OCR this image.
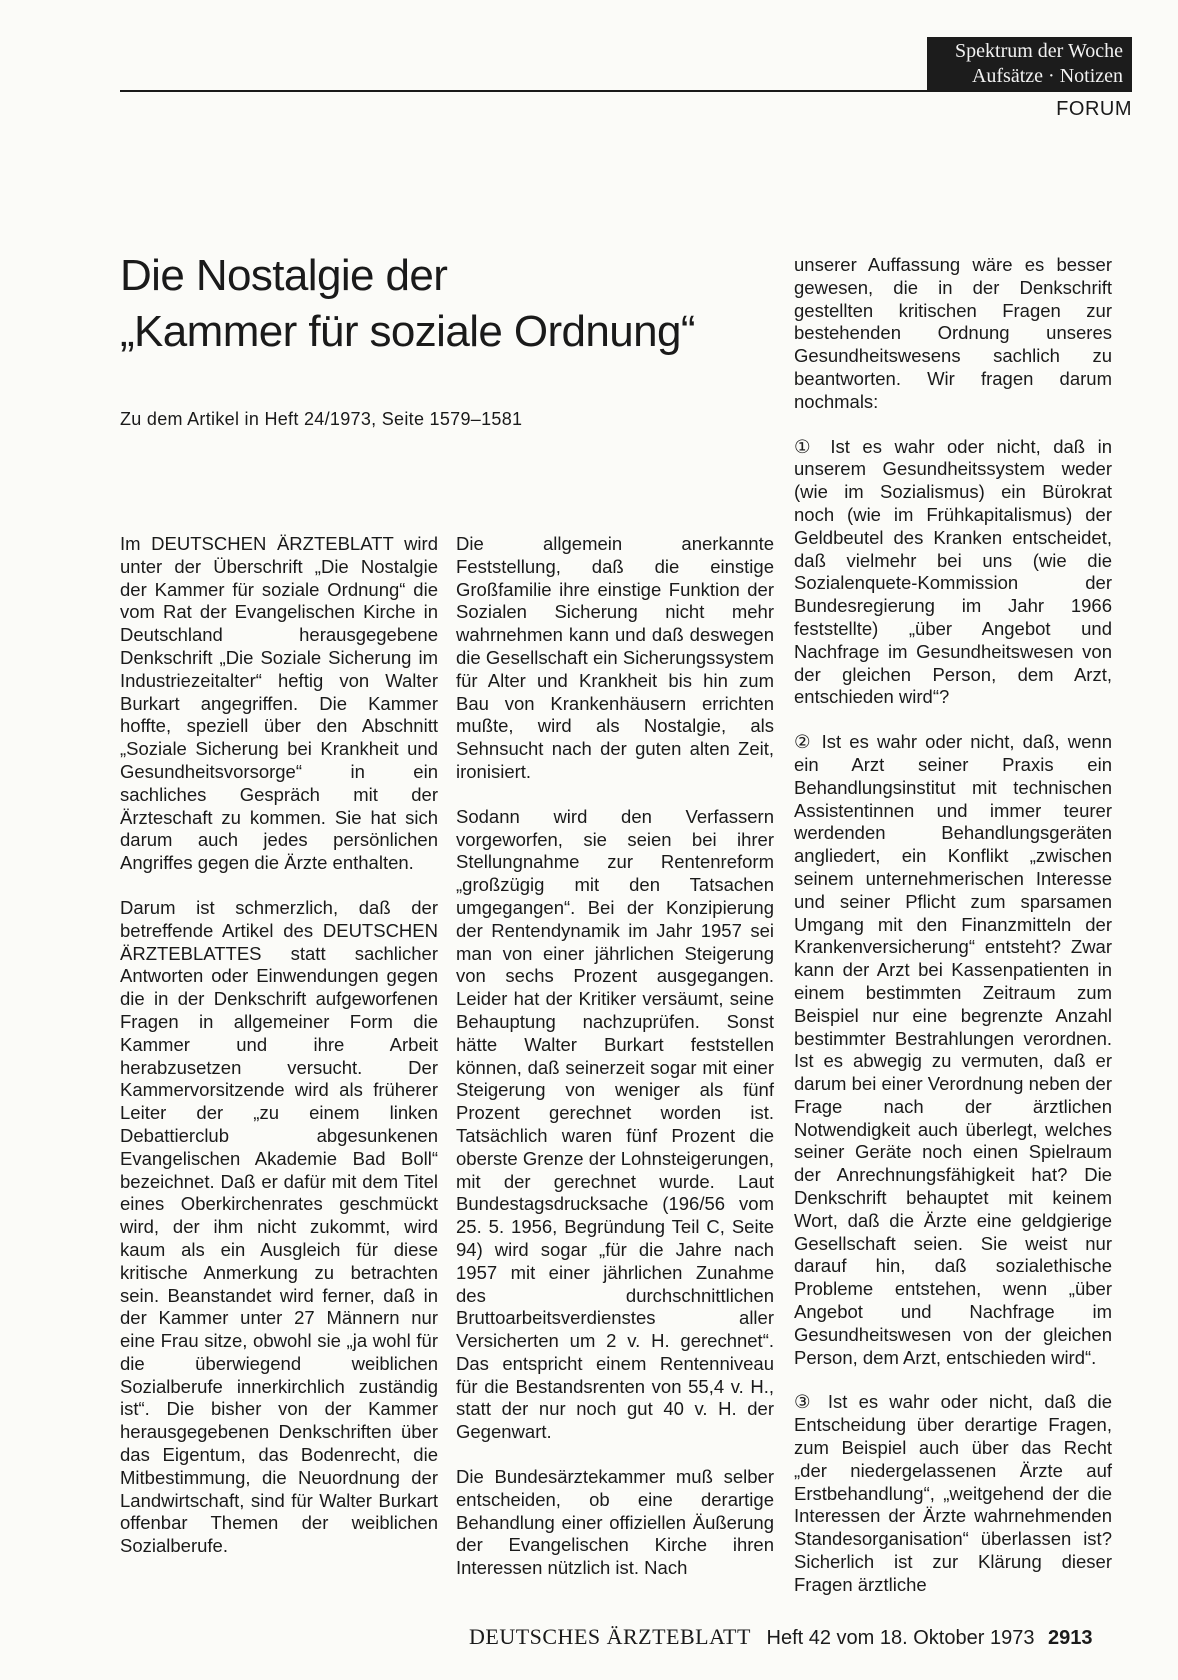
Spektrum der Woche
Aufsätze · Notizen
FORUM
Die Nostalgie der
„Kammer für soziale Ordnung“
Zu dem Artikel in Heft 24/1973, Seite 1579–1581

Im DEUTSCHEN ÄRZTEBLATT wird unter der Überschrift „Die Nostalgie der Kammer für soziale Ordnung“ die vom Rat der Evangelischen Kirche in Deutschland herausgegebene Denkschrift „Die Soziale Sicherung im Industriezeitalter“ heftig von Walter Burkart angegriffen. Die Kammer hoffte, speziell über den Abschnitt „Soziale Sicherung bei Krankheit und Gesundheitsvorsorge“ in ein sachliches Gespräch mit der Ärzteschaft zu kommen. Sie hat sich darum auch jedes persönlichen Angriffes gegen die Ärzte enthalten.

Darum ist schmerzlich, daß der betreffende Artikel des DEUTSCHEN ÄRZTEBLATTES statt sachlicher Antworten oder Einwendungen gegen die in der Denkschrift aufgeworfenen Fragen in allgemeiner Form die Kammer und ihre Arbeit herabzusetzen versucht. Der Kammervorsitzende wird als früherer Leiter der „zu einem linken Debattierclub abgesunkenen Evangelischen Akademie Bad Boll“ bezeichnet. Daß er dafür mit dem Titel eines Oberkirchenrates geschmückt wird, der ihm nicht zukommt, wird kaum als ein Ausgleich für diese kritische Anmerkung zu betrachten sein. Beanstandet wird ferner, daß in der Kammer unter 27 Männern nur eine Frau sitze, obwohl sie „ja wohl für die überwiegend weiblichen Sozialberufe innerkirchlich zuständig ist“. Die bisher von der Kammer herausgegebenen Denkschriften über das Eigentum, das Bodenrecht, die Mitbestimmung, die Neuordnung der Landwirtschaft, sind für Walter Burkart offenbar Themen der weiblichen Sozialberufe.

Die allgemein anerkannte Feststellung, daß die einstige Großfamilie ihre einstige Funktion der Sozialen Sicherung nicht mehr wahrnehmen kann und daß deswegen die Gesellschaft ein Sicherungssystem für Alter und Krankheit bis hin zum Bau von Krankenhäusern errichten mußte, wird als Nostalgie, als Sehnsucht nach der guten alten Zeit, ironisiert.

Sodann wird den Verfassern vorgeworfen, sie seien bei ihrer Stellungnahme zur Rentenreform „großzügig mit den Tatsachen umgegangen“. Bei der Konzipierung der Rentendynamik im Jahr 1957 sei man von einer jährlichen Steigerung von sechs Prozent ausgegangen. Leider hat der Kritiker versäumt, seine Behauptung nachzuprüfen. Sonst hätte Walter Burkart feststellen können, daß seinerzeit sogar mit einer Steigerung von weniger als fünf Prozent gerechnet worden ist. Tatsächlich waren fünf Prozent die oberste Grenze der Lohnsteigerungen, mit der gerechnet wurde. Laut Bundestagsdrucksache (196/56 vom 25. 5. 1956, Begründung Teil C, Seite 94) wird sogar „für die Jahre nach 1957 mit einer jährlichen Zunahme des durchschnittlichen Bruttoarbeitsverdienstes aller Versicherten um 2 v. H. gerechnet“. Das entspricht einem Rentenniveau für die Bestandsrenten von 55,4 v. H., statt der nur noch gut 40 v. H. der Gegenwart.

Die Bundesärztekammer muß selber entscheiden, ob eine derartige Behandlung einer offiziellen Äußerung der Evangelischen Kirche ihren Interessen nützlich ist. Nach

unserer Auffassung wäre es besser gewesen, die in der Denkschrift gestellten kritischen Fragen zur bestehenden Ordnung unseres Gesundheitswesens sachlich zu beantworten. Wir fragen darum nochmals:

① Ist es wahr oder nicht, daß in unserem Gesundheitssystem weder (wie im Sozialismus) ein Bürokrat noch (wie im Frühkapitalismus) der Geldbeutel des Kranken entscheidet, daß vielmehr bei uns (wie die Sozialenquete-Kommission der Bundesregierung im Jahr 1966 feststellte) „über Angebot und Nachfrage im Gesundheitswesen von der gleichen Person, dem Arzt, entschieden wird“?

② Ist es wahr oder nicht, daß, wenn ein Arzt seiner Praxis ein Behandlungsinstitut mit technischen Assistentinnen und immer teurer werdenden Behandlungsgeräten angliedert, ein Konflikt „zwischen seinem unternehmerischen Interesse und seiner Pflicht zum sparsamen Umgang mit den Finanzmitteln der Krankenversicherung“ entsteht? Zwar kann der Arzt bei Kassenpatienten in einem bestimmten Zeitraum zum Beispiel nur eine begrenzte Anzahl bestimmter Bestrahlungen verordnen. Ist es abwegig zu vermuten, daß er darum bei einer Verordnung neben der Frage nach der ärztlichen Notwendigkeit auch überlegt, welches seiner Geräte noch einen Spielraum der Anrechnungsfähigkeit hat? Die Denkschrift behauptet mit keinem Wort, daß die Ärzte eine geldgierige Gesellschaft seien. Sie weist nur darauf hin, daß sozialethische Probleme entstehen, wenn „über Angebot und Nachfrage im Gesundheitswesen von der gleichen Person, dem Arzt, entschieden wird“.

③ Ist es wahr oder nicht, daß die Entscheidung über derartige Fragen, zum Beispiel auch über das Recht „der niedergelassenen Ärzte auf Erstbehandlung“, „weitgehend der die Interessen der Ärzte wahrnehmenden Standesorganisation“ überlassen ist? Sicherlich ist zur Klärung dieser Fragen ärztliche

DEUTSCHES ÄRZTEBLATT Heft 42 vom 18. Oktober 1973 2913
